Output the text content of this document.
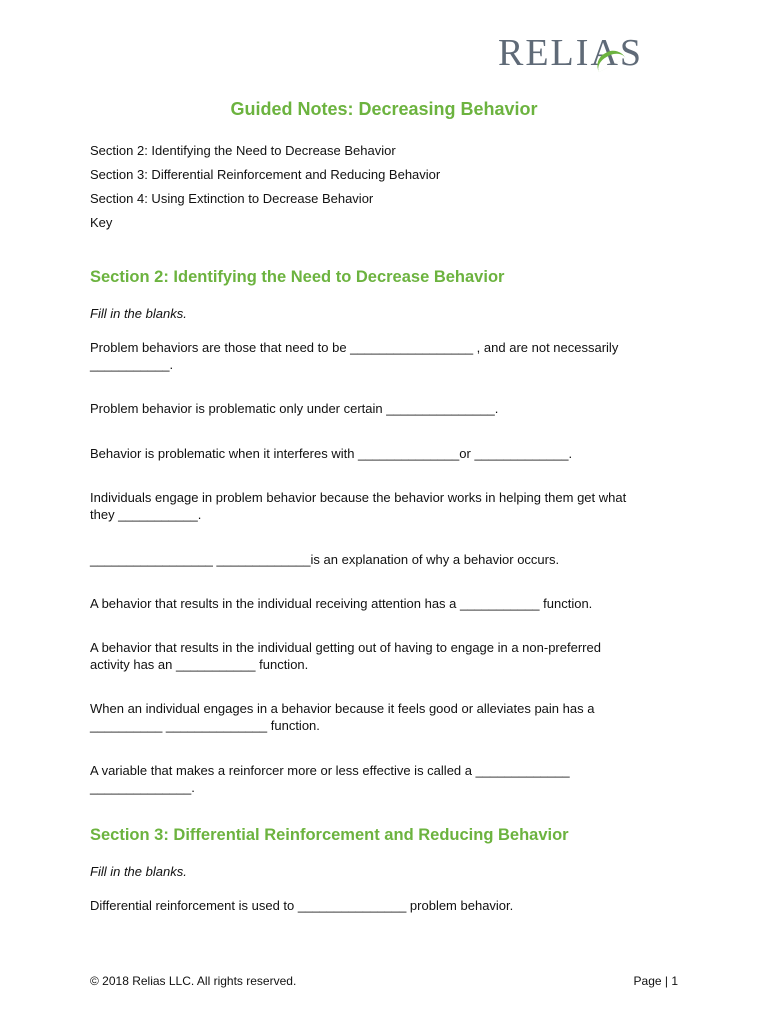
RELIA
S
Guided Notes: Decreasing Behavior
Section 2: Identifying the Need to Decrease Behavior
Section 3: Differential Reinforcement and Reducing Behavior
Section 4: Using Extinction to Decrease Behavior
Key
Section 2: Identifying the Need to Decrease Behavior
Fill in the blanks.
Problem behaviors are those that need to be _________________ , and are not necessarily
___________.
Problem behavior is problematic only under certain _______________.
Behavior is problematic when it interferes with ______________or _____________.
Individuals engage in problem behavior because the behavior works in helping them get what
they ___________.
_________________ _____________is an explanation of why a behavior occurs.
A behavior that results in the individual receiving attention has a ___________ function.
A behavior that results in the individual getting out of having to engage in a non-preferred
activity has an ___________ function.
When an individual engages in a behavior because it feels good or alleviates pain has a
__________ ______________ function.
A variable that makes a reinforcer more or less effective is called a _____________
______________.
Section 3: Differential Reinforcement and Reducing Behavior
Fill in the blanks.
Differential reinforcement is used to _______________ problem behavior.
© 2018 Relias LLC. All rights reserved.	Page | 1
